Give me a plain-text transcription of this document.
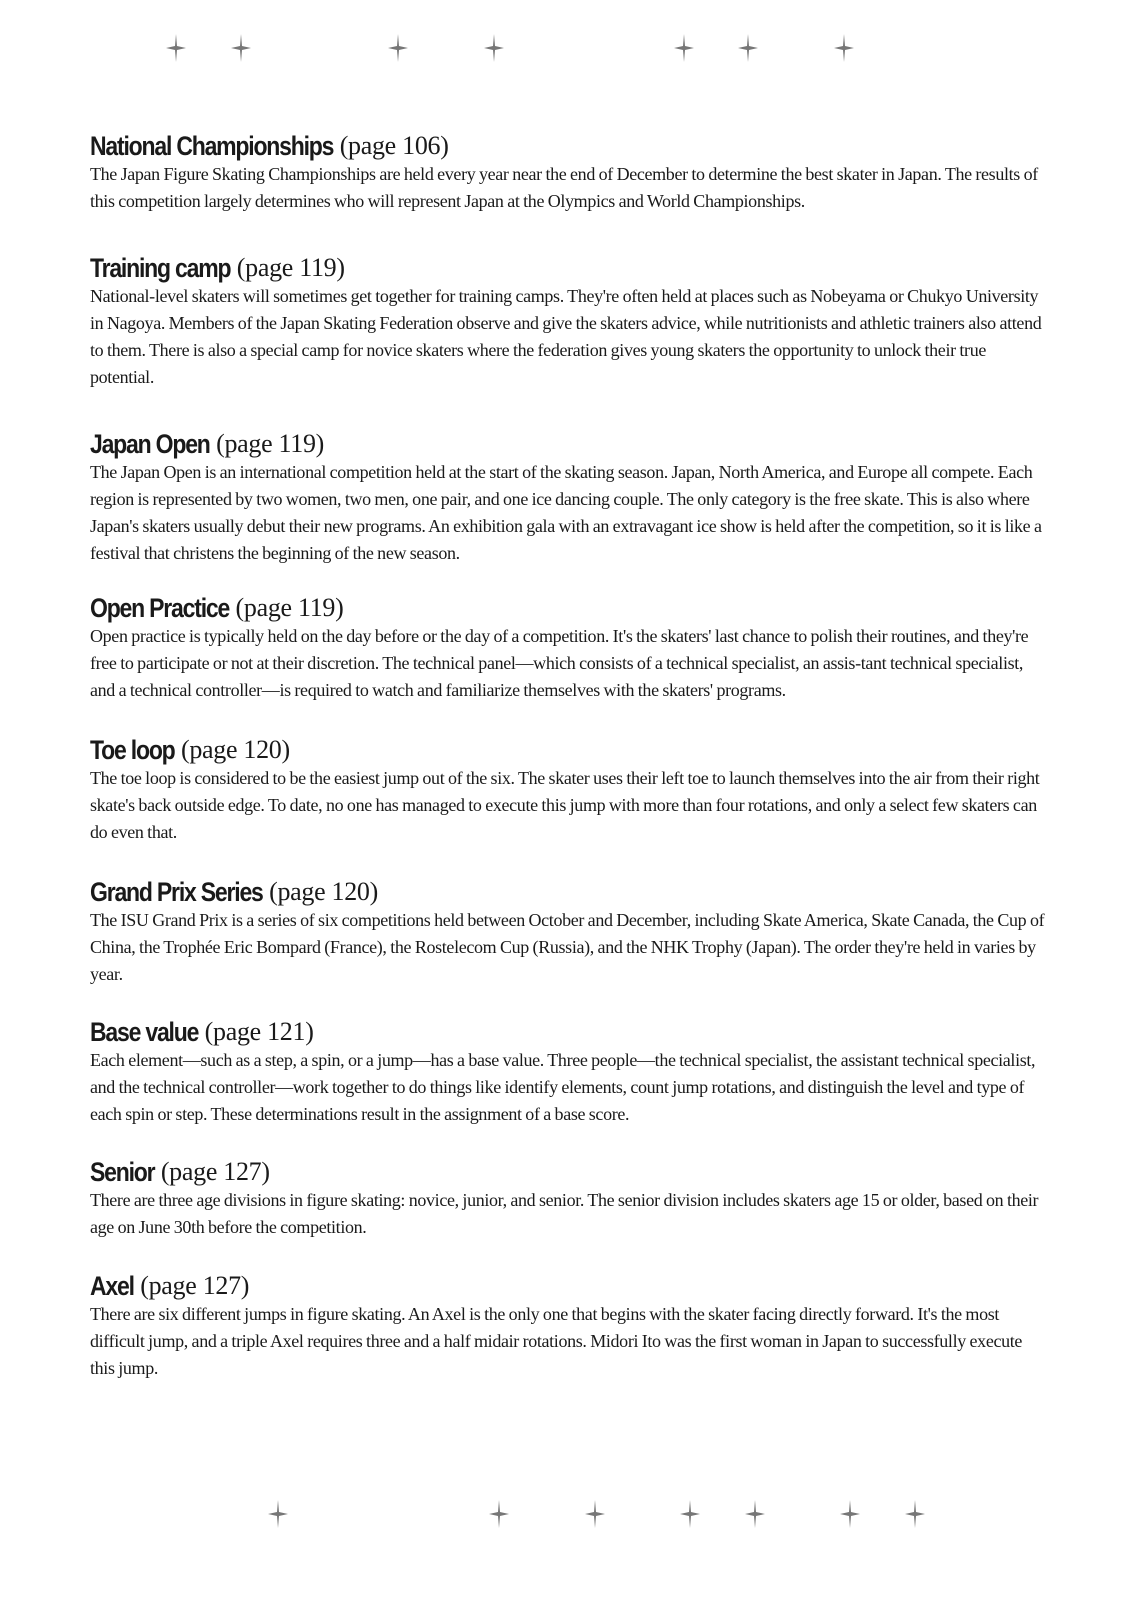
National Championships (page 106)
The Japan Figure Skating Championships are held every year near the end of December to determine the best skater in Japan. The results of this competition largely determines who will represent Japan at the Olympics and World Championships.
Training camp (page 119)
National-level skaters will sometimes get together for training camps. They're often held at places such as Nobeyama or Chukyo University in Nagoya. Members of the Japan Skating Federation observe and give the skaters advice, while nutritionists and athletic trainers also attend to them. There is also a special camp for novice skaters where the federation gives young skaters the opportunity to unlock their true potential.
Japan Open (page 119)
The Japan Open is an international competition held at the start of the skating season. Japan, North America, and Europe all compete. Each region is represented by two women, two men, one pair, and one ice dancing couple. The only category is the free skate. This is also where Japan's skaters usually debut their new programs. An exhibition gala with an extravagant ice show is held after the competition, so it is like a festival that christens the beginning of the new season.
Open Practice (page 119)
Open practice is typically held on the day before or the day of a competition. It's the skaters' last chance to polish their routines, and they're free to participate or not at their discretion. The technical panel—which consists of a technical specialist, an assis-tant technical specialist, and a technical controller—is required to watch and familiarize themselves with the skaters' programs.
Toe loop (page 120)
The toe loop is considered to be the easiest jump out of the six. The skater uses their left toe to launch themselves into the air from their right skate's back outside edge. To date, no one has managed to execute this jump with more than four rotations, and only a select few skaters can do even that.
Grand Prix Series (page 120)
The ISU Grand Prix is a series of six competitions held between October and December, including Skate America, Skate Canada, the Cup of China, the Trophée Eric Bompard (France), the Rostelecom Cup (Russia), and the NHK Trophy (Japan). The order they're held in varies by year.
Base value (page 121)
Each element—such as a step, a spin, or a jump—has a base value. Three people—the technical specialist, the assistant technical specialist, and the technical controller—work together to do things like identify elements, count jump rotations, and distinguish the level and type of each spin or step. These determinations result in the assignment of a base score.
Senior (page 127)
There are three age divisions in figure skating: novice, junior, and senior. The senior division includes skaters age 15 or older, based on their age on June 30th before the competition.
Axel (page 127)
There are six different jumps in figure skating. An Axel is the only one that begins with the skater facing directly forward. It's the most difficult jump, and a triple Axel requires three and a half midair rotations. Midori Ito was the first woman in Japan to successfully execute this jump.
